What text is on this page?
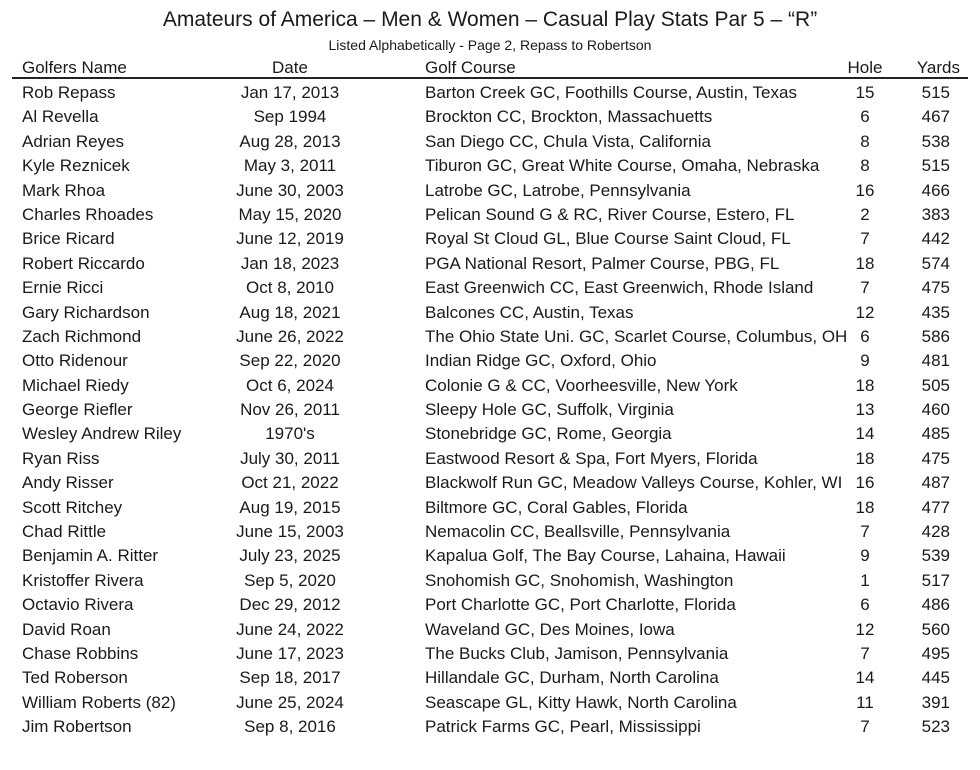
Amateurs of America – Men & Women – Casual Play Stats Par 5 – “R”
Listed Alphabetically - Page 2, Repass to Robertson
Golfers Name	Date	Golf Course	Hole	Yards
Rob Repass	Jan 17, 2013	Barton Creek GC, Foothills Course, Austin, Texas	15	515
Al Revella	Sep 1994	Brockton CC, Brockton, Massachuetts	6	467
Adrian Reyes	Aug 28, 2013	San Diego CC, Chula Vista, California	8	538
Kyle Reznicek	May 3, 2011	Tiburon GC, Great White Course, Omaha, Nebraska	8	515
Mark Rhoa	June 30, 2003	Latrobe GC, Latrobe, Pennsylvania	16	466
Charles Rhoades	May 15, 2020	Pelican Sound G & RC, River Course, Estero, FL	2	383
Brice Ricard	June 12, 2019	Royal St Cloud GL, Blue Course Saint Cloud, FL	7	442
Robert Riccardo	Jan 18, 2023	PGA National Resort, Palmer Course, PBG, FL	18	574
Ernie Ricci	Oct 8, 2010	East Greenwich CC, East Greenwich, Rhode Island	7	475
Gary Richardson	Aug 18, 2021	Balcones CC, Austin, Texas	12	435
Zach Richmond	June 26, 2022	The Ohio State Uni. GC, Scarlet Course, Columbus, OH 6	586
Otto Ridenour	Sep 22, 2020	Indian Ridge GC, Oxford, Ohio	9	481
Michael Riedy	Oct 6, 2024	Colonie G & CC, Voorheesville, New York	18	505
George Riefler	Nov 26, 2011	Sleepy Hole GC, Suffolk, Virginia	13	460
Wesley Andrew Riley	1970's	Stonebridge GC, Rome, Georgia	14	485
Ryan Riss	July 30, 2011	Eastwood Resort & Spa, Fort Myers, Florida	18	475
Andy Risser	Oct 21, 2022	Blackwolf Run GC, Meadow Valleys Course, Kohler, WI 16	487
Scott Ritchey	Aug 19, 2015	Biltmore GC, Coral Gables, Florida	18	477
Chad Rittle	June 15, 2003	Nemacolin CC, Beallsville, Pennsylvania	7	428
Benjamin A. Ritter	July 23, 2025	Kapalua Golf, The Bay Course, Lahaina, Hawaii	9	539
Kristoffer Rivera	Sep 5, 2020	Snohomish GC, Snohomish, Washington	1	517
Octavio Rivera	Dec 29, 2012	Port Charlotte GC, Port Charlotte, Florida	6	486
David Roan	June 24, 2022	Waveland GC, Des Moines, Iowa	12	560
Chase Robbins	June 17, 2023	The Bucks Club, Jamison, Pennsylvania	7	495
Ted Roberson	Sep 18, 2017	Hillandale GC, Durham, North Carolina	14	445
William Roberts (82)	June 25, 2024	Seascape GL, Kitty Hawk, North Carolina	11	391
Jim Robertson	Sep 8, 2016	Patrick Farms GC, Pearl, Mississippi	7	523
